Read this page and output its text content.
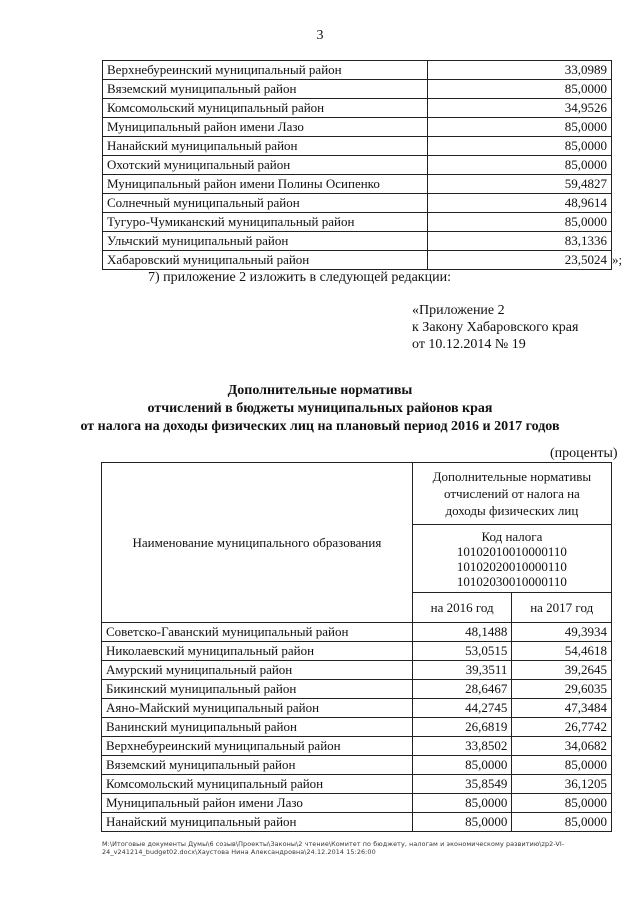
3
Верхнебуреинский муниципальный район	33,0989
Вяземский муниципальный район	85,0000
Комсомольский муниципальный район	34,9526
Муниципальный район имени Лазо	85,0000
Нанайский муниципальный район	85,0000
Охотский муниципальный район	85,0000
Муниципальный район имени Полины Осипенко	59,4827
Солнечный муниципальный район	48,9614
Тугуро-Чумиканский муниципальный район	85,0000
Ульчский муниципальный район	83,1336
Хабаровский муниципальный район	23,5024 »;
7) приложение 2 изложить в следующей редакции:
«Приложение 2
к Закону Хабаровского края
от 10.12.2014 № 19
Дополнительные нормативы
отчислений в бюджеты муниципальных районов края
от налога на доходы физических лиц на плановый период 2016 и 2017 годов
(проценты)
Наименование муниципального образования	Дополнительные нормативы
отчислений от налога на
доходы физических лиц	

	Код налога
10102010010000110
10102020010000110
10102030010000110	

	на 2016 год	на 2017 год
Советско-Гаванский муниципальный район	48,1488	49,3934
Николаевский муниципальный район	53,0515	54,4618
Амурский муниципальный район	39,3511	39,2645
Бикинский муниципальный район	28,6467	29,6035
Аяно-Майский муниципальный район	44,2745	47,3484
Ванинский муниципальный район	26,6819	26,7742
Верхнебуреинский муниципальный район	33,8502	34,0682
Вяземский муниципальный район	85,0000	85,0000
Комсомольский муниципальный район	35,8549	36,1205
Муниципальный район имени Лазо	85,0000	85,0000
Нанайский муниципальный район	85,0000	85,0000
М:\Итоговые документы Думы\6 созыв\Проекты\Законы\2 чтение\Комитет по бюджету, налогам и экономическому развитию\zp2-VI-24_v241214_budget02.docx\Хаустова Нина Александровна\24.12.2014 15:26:00
